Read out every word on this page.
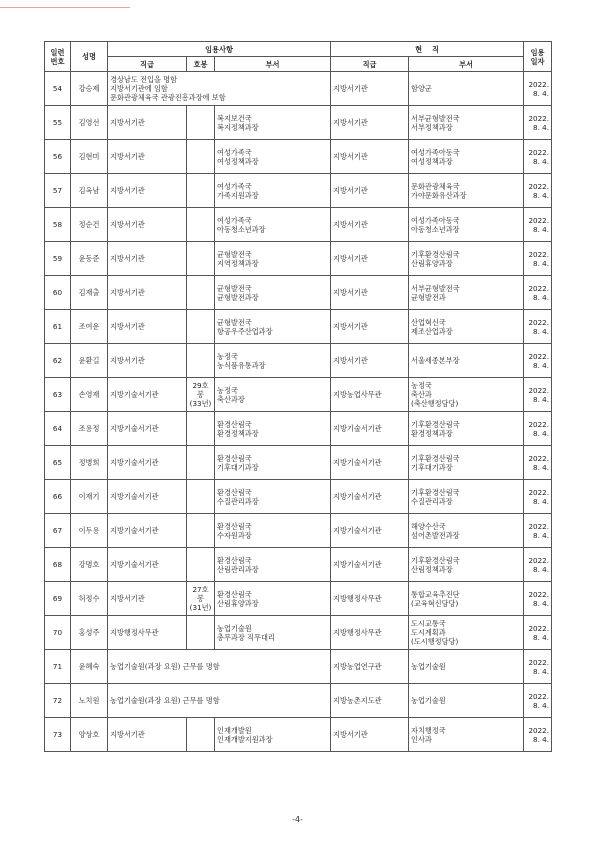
일련
번호	성명	임용사항			현    직		임용
일자

		직급	호봉	부서	직급	부서	

54	강승제	경상남도 전입을 명함
지방서기관에 임함
문화관광체육국 관광진흥과장에 보함			지방서기관	함양군	2022.
8. 4.

55	김영선	지방서기관		복지보건국
복지정책과장	지방서기관	서부균형발전국
서부정책과장	2022.
8. 4.

56	김현미	지방서기관		여성가족국
여성정책과장	지방서기관	여성가족아동국
여성정책과장	2022.
8. 4.

57	김옥남	지방서기관		여성가족국
가족지원과장	지방서기관	문화관광체육국
가야문화유산과장	2022.
8. 4.

58	정순건	지방서기관		여성가족국
아동청소년과장	지방서기관	여성가족아동국
아동청소년과장	2022.
8. 4.

59	윤동준	지방서기관		균형발전국
지역정책과장	지방서기관	기후환경산림국
산림휴양과장	2022.
8. 4.

60	김재출	지방서기관		균형발전국
균형발전과장	지방서기관	서부균형발전국
균형발전과	2022.
8. 4.

61	조여운	지방서기관		균형발전국
항공우주산업과장	지방서기관	산업혁신국
제조산업과장	2022.
8. 4.

62	윤환길	지방서기관		농정국
농식품유통과장	지방서기관	서울세종본부장	2022.
8. 4.

63	손영재	지방기술서기관	29호봉
(33년)	농정국
축산과장	지방농업사무관	농정국
축산과
(축산행정담당)	2022.
8. 4.

64	조용정	지방기술서기관		환경산림국
환경정책과장	지방기술서기관	기후환경산림국
환경정책과장	2022.
8. 4.

65	정병희	지방기술서기관		환경산림국
기후대기과장	지방기술서기관	기후환경산림국
기후대기과장	2022.
8. 4.

66	이재기	지방기술서기관		환경산림국
수질관리과장	지방기술서기관	기후환경산림국
수질관리과장	2022.
8. 4.

67	이두용	지방기술서기관		환경산림국
수자원과장	지방기술서기관	해양수산국
섬어촌발전과장	2022.
8. 4.

68	강명호	지방기술서기관		환경산림국
산림관리과장	지방기술서기관	기후환경산림국
산림정책과장	2022.
8. 4.

69	허정수	지방서기관	27호봉
(31년)	환경산림국
산림휴양과장	지방행정사무관	통합교육추진단
(교육혁신담당)	2022.
8. 4.

70	홍성주	지방행정사무관		농업기술원
총무과장 직무대리	지방행정사무관	도시교통국
도시계획과
(도시행정담당)	2022.
8. 4.

71	윤혜숙	농업기술원(과장 요원) 근무를 명함			지방농업연구관	농업기술원	2022.
8. 4.

72	노치원	농업기술원(과장 요원) 근무를 명함			지방농촌지도관	농업기술원	2022.
8. 4.

73	양상호	지방서기관		인재개발원
인재개발지원과장	지방서기관	자치행정국
인사과	2022.
8. 4.
-4-
